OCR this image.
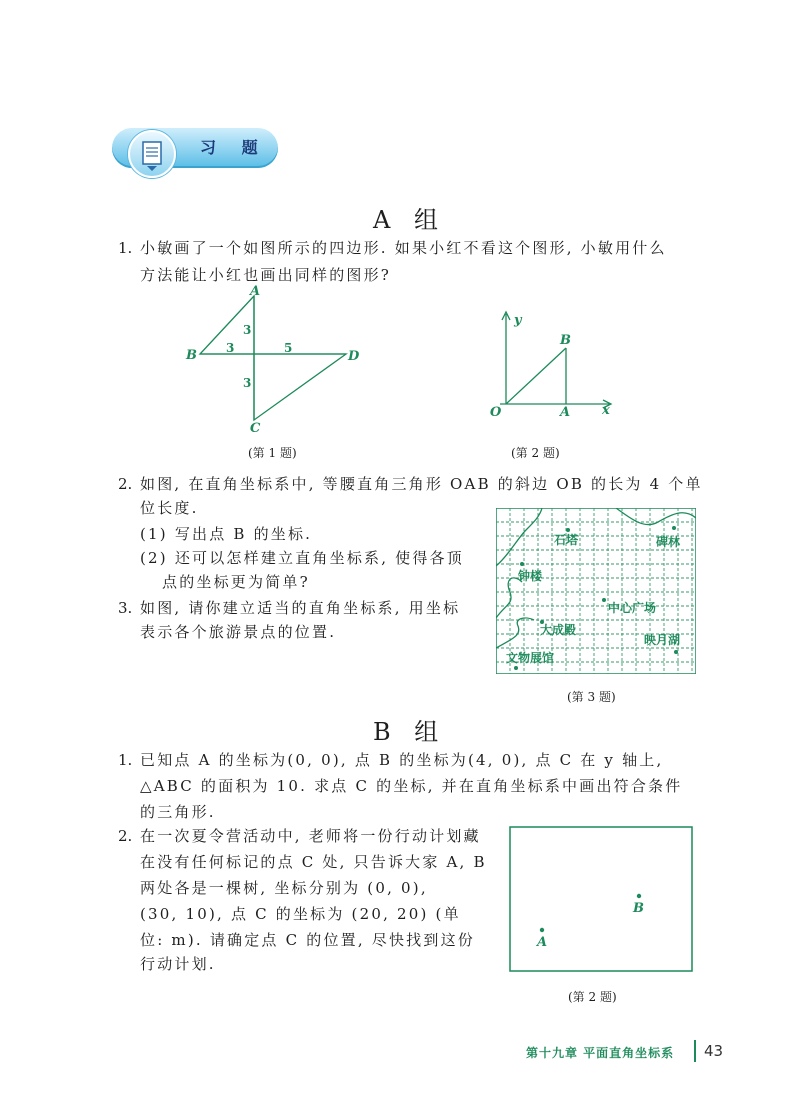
习 题
A 组
1. 小敏画了一个如图所示的四边形. 如果小红不看这个图形, 小敏用什么
方法能让小红也画出同样的图形?
A
B
C
D
3
3	5
3
(第 1 题)
y
x
O	A
B
(第 2 题)
2. 如图, 在直角坐标系中, 等腰直角三角形 OAB 的斜边 OB 的长为 4 个单
位长度.
(1) 写出点 B 的坐标.
(2) 还可以怎样建立直角坐标系, 使得各顶
点的坐标更为简单?
3. 如图, 请你建立适当的直角坐标系, 用坐标
表示各个旅游景点的位置.
石塔	碑林
钟楼
中心广场
大成殿
映月湖
文物展馆
(第 3 题)
B 组
1. 已知点 A 的坐标为(0, 0), 点 B 的坐标为(4, 0), 点 C 在 y 轴上,
△ABC 的面积为 10. 求点 C 的坐标, 并在直角坐标系中画出符合条件
的三角形.
2. 在一次夏令营活动中, 老师将一份行动计划藏
在没有任何标记的点 C 处, 只告诉大家 A, B
两处各是一棵树, 坐标分别为 (0, 0),
(30, 10), 点 C 的坐标为 (20, 20) (单
位: m). 请确定点 C 的位置, 尽快找到这份
行动计划.
A
B
(第 2 题)
第十九章 平面直角坐标系 43
